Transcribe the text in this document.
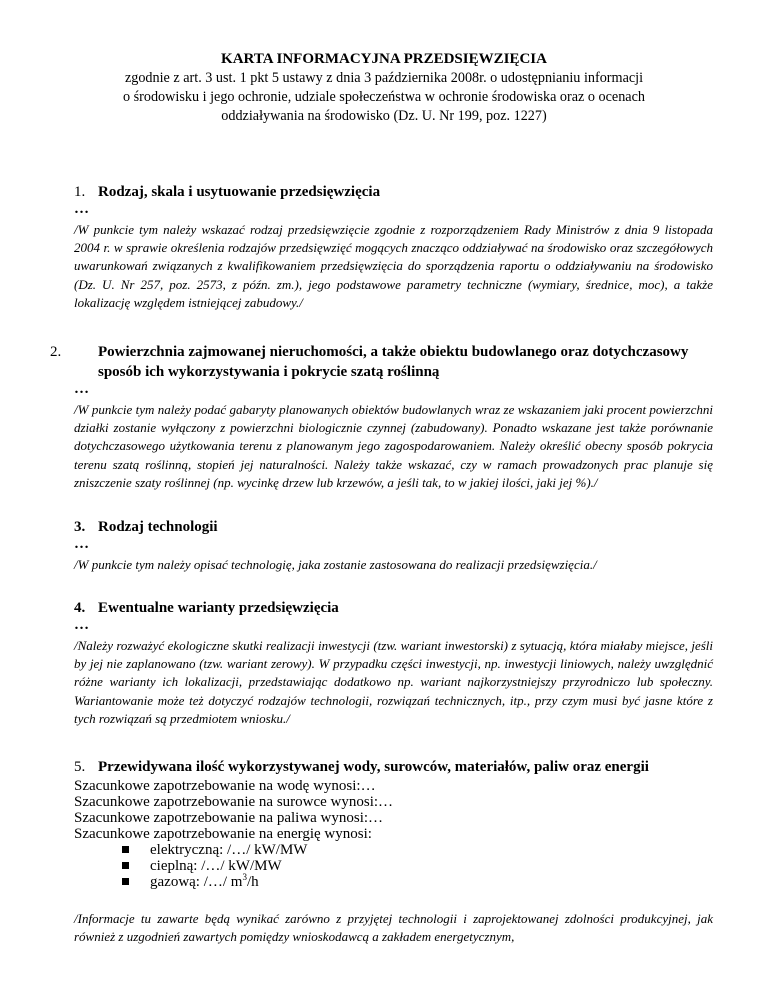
KARTA INFORMACYJNA PRZEDSIĘWZIĘCIA

zgodnie z art. 3 ust. 1 pkt 5 ustawy z dnia 3 października 2008r. o udostępnianiu informacji

o środowisku i jego ochronie, udziale społeczeństwa w ochronie środowiska oraz o ocenach

oddziaływania na środowisko (Dz. U. Nr 199, poz. 1227)

1. Rodzaj, skala i usytuowanie przedsięwzięcia

…

/W punkcie tym należy wskazać rodzaj przedsięwzięcie zgodnie z rozporządzeniem Rady Ministrów z dnia 9 listopada 2004 r. w sprawie określenia rodzajów przedsięwzięć mogących znacząco oddziaływać na środowisko oraz szczegółowych uwarunkowań związanych z kwalifikowaniem przedsięwzięcia do sporządzenia raportu o oddziaływaniu na środowisko (Dz. U. Nr 257, poz. 2573, z późn. zm.), jego podstawowe parametry techniczne (wymiary, średnice, moc), a także lokalizację względem istniejącej zabudowy./

2. Powierzchnia zajmowanej nieruchomości, a także obiektu budowlanego oraz dotychczasowy sposób ich wykorzystywania i pokrycie szatą roślinną

…

/W punkcie tym należy podać gabaryty planowanych obiektów budowlanych wraz ze wskazaniem jaki procent powierzchni działki zostanie wyłączony z powierzchni biologicznie czynnej (zabudowany). Ponadto wskazane jest także porównanie dotychczasowego użytkowania terenu z planowanym jego zagospodarowaniem. Należy określić obecny sposób pokrycia terenu szatą roślinną, stopień jej naturalności. Należy także wskazać, czy w ramach prowadzonych prac planuje się zniszczenie szaty roślinnej (np. wycinkę drzew lub krzewów, a jeśli tak, to w jakiej ilości, jaki jej %)./

3. Rodzaj technologii

…

/W punkcie tym należy opisać technologię, jaka zostanie zastosowana do realizacji przedsięwzięcia./

4. Ewentualne warianty przedsięwzięcia

…

/Należy rozważyć ekologiczne skutki realizacji inwestycji (tzw. wariant inwestorski) z sytuacją, która miałaby miejsce, jeśli by jej nie zaplanowano (tzw. wariant zerowy). W przypadku części inwestycji, np. inwestycji liniowych, należy uwzględnić różne warianty ich lokalizacji, przedstawiając dodatkowo np. wariant najkorzystniejszy przyrodniczo lub społeczny. Wariantowanie może też dotyczyć rodzajów technologii, rozwiązań technicznych, itp., przy czym musi być jasne które z tych rozwiązań są przedmiotem wniosku./

5. Przewidywana ilość wykorzystywanej wody, surowców, materiałów, paliw oraz energii

Szacunkowe zapotrzebowanie na wodę wynosi:…

Szacunkowe zapotrzebowanie na surowce wynosi:…

Szacunkowe zapotrzebowanie na paliwa wynosi:…

Szacunkowe zapotrzebowanie na energię wynosi:

elektryczną: /…/ kW/MW
cieplną: /…/ kW/MW
gazową: /…/ $m^3/h$

/Informacje tu zawarte będą wynikać zarówno z przyjętej technologii i zaprojektowanej zdolności produkcyjnej, jak również z uzgodnień zawartych pomiędzy wnioskodawcą a zakładem energetycznym,
